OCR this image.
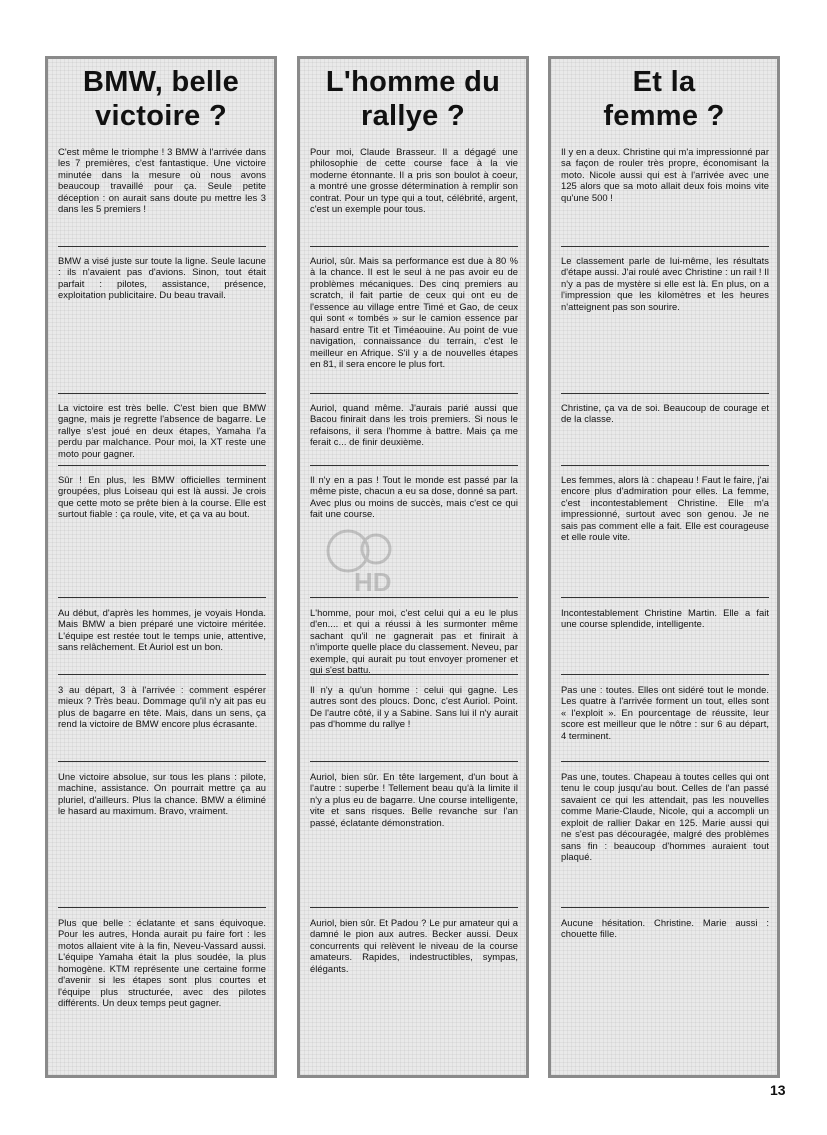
BMW, belle
victoire ?

C'est même le triomphe ! 3 BMW à l'arrivée dans les 7 premières, c'est fantastique. Une victoire minutée dans la mesure où nous avons beaucoup travaillé pour ça. Seule petite déception : on aurait sans doute pu mettre les 3 dans les 5 premiers !

BMW a visé juste sur toute la ligne. Seule lacune : ils n'avaient pas d'avions. Sinon, tout était parfait : pilotes, assistance, présence, exploitation publicitaire. Du beau travail.

La victoire est très belle. C'est bien que BMW gagne, mais je regrette l'absence de bagarre. Le rallye s'est joué en deux étapes, Yamaha l'a perdu par malchance. Pour moi, la XT reste une moto pour gagner.

Sûr ! En plus, les BMW officielles terminent groupées, plus Loiseau qui est là aussi. Je crois que cette moto se prête bien à la course. Elle est surtout fiable : ça roule, vite, et ça va au bout.

Au début, d'après les hommes, je voyais Honda. Mais BMW a bien préparé une victoire méritée. L'équipe est restée tout le temps unie, attentive, sans relâchement. Et Auriol est un bon.

3 au départ, 3 à l'arrivée : comment espérer mieux ? Très beau. Dommage qu'il n'y ait pas eu plus de bagarre en tête. Mais, dans un sens, ça rend la victoire de BMW encore plus écrasante.

Une victoire absolue, sur tous les plans : pilote, machine, assistance. On pourrait mettre ça au pluriel, d'ailleurs. Plus la chance. BMW a éliminé le hasard au maximum. Bravo, vraiment.

Plus que belle : éclatante et sans équivoque. Pour les autres, Honda aurait pu faire fort : les motos allaient vite à la fin, Neveu-Vassard aussi. L'équipe Yamaha était la plus soudée, la plus homogène. KTM représente une certaine forme d'avenir si les étapes sont plus courtes et l'équipe plus structurée, avec des pilotes différents. Un deux temps peut gagner.

L'homme du
rallye ?

Pour moi, Claude Brasseur. Il a dégagé une philosophie de cette course face à la vie moderne étonnante. Il a pris son boulot à coeur, a montré une grosse détermination à remplir son contrat. Pour un type qui a tout, célébrité, argent, c'est un exemple pour tous.

Auriol, sûr. Mais sa performance est due à 80 % à la chance. Il est le seul à ne pas avoir eu de problèmes mécaniques. Des cinq premiers au scratch, il fait partie de ceux qui ont eu de l'essence au village entre Timé et Gao, de ceux qui sont « tombés » sur le camion essence par hasard entre Tit et Timéaouine. Au point de vue navigation, connaissance du terrain, c'est le meilleur en Afrique. S'il y a de nouvelles étapes en 81, il sera encore le plus fort.

Auriol, quand même. J'aurais parié aussi que Bacou finirait dans les trois premiers. Si nous le refaisons, il sera l'homme à battre. Mais ça me ferait c... de finir deuxième.

Il n'y en a pas ! Tout le monde est passé par la même piste, chacun a eu sa dose, donné sa part. Avec plus ou moins de succès, mais c'est ce qui fait une course.

L'homme, pour moi, c'est celui qui a eu le plus d'en.... et qui a réussi à les surmonter même sachant qu'il ne gagnerait pas et finirait à n'importe quelle place du classement. Neveu, par exemple, qui aurait pu tout envoyer promener et qui s'est battu.

Il n'y a qu'un homme : celui qui gagne. Les autres sont des ploucs. Donc, c'est Auriol. Point. De l'autre côté, il y a Sabine. Sans lui il n'y aurait pas d'homme du rallye !

Auriol, bien sûr. En tête largement, d'un bout à l'autre : superbe ! Tellement beau qu'à la limite il n'y a plus eu de bagarre. Une course intelligente, vite et sans risques. Belle revanche sur l'an passé, éclatante démonstration.

Auriol, bien sûr. Et Padou ? Le pur amateur qui a damné le pion aux autres. Becker aussi. Deux concurrents qui relèvent le niveau de la course amateurs. Rapides, indestructibles, sympas, élégants.

Et la
femme ?

Il y en a deux. Christine qui m'a impressionné par sa façon de rouler très propre, économisant la moto. Nicole aussi qui est à l'arrivée avec une 125 alors que sa moto allait deux fois moins vite qu'une 500 !

Le classement parle de lui-même, les résultats d'étape aussi. J'ai roulé avec Christine : un rail ! Il n'y a pas de mystère si elle est là. En plus, on a l'impression que les kilomètres et les heures n'atteignent pas son sourire.

Christine, ça va de soi. Beaucoup de courage et de la classe.

Les femmes, alors là : chapeau ! Faut le faire, j'ai encore plus d'admiration pour elles. La femme, c'est incontestablement Christine. Elle m'a impressionné, surtout avec son genou. Je ne sais pas comment elle a fait. Elle est courageuse et elle roule vite.

Incontestablement Christine Martin. Elle a fait une course splendide, intelligente.

Pas une : toutes. Elles ont sidéré tout le monde. Les quatre à l'arrivée forment un tout, elles sont « l'exploit ». En pourcentage de réussite, leur score est meilleur que le nôtre : sur 6 au départ, 4 terminent.

Pas une, toutes. Chapeau à toutes celles qui ont tenu le coup jusqu'au bout. Celles de l'an passé savaient ce qui les attendait, pas les nouvelles comme Marie-Claude, Nicole, qui a accompli un exploit de rallier Dakar en 125. Marie aussi qui ne s'est pas découragée, malgré des problèmes sans fin : beaucoup d'hommes auraient tout plaqué.

Aucune hésitation. Christine. Marie aussi : chouette fille.

HD
13
